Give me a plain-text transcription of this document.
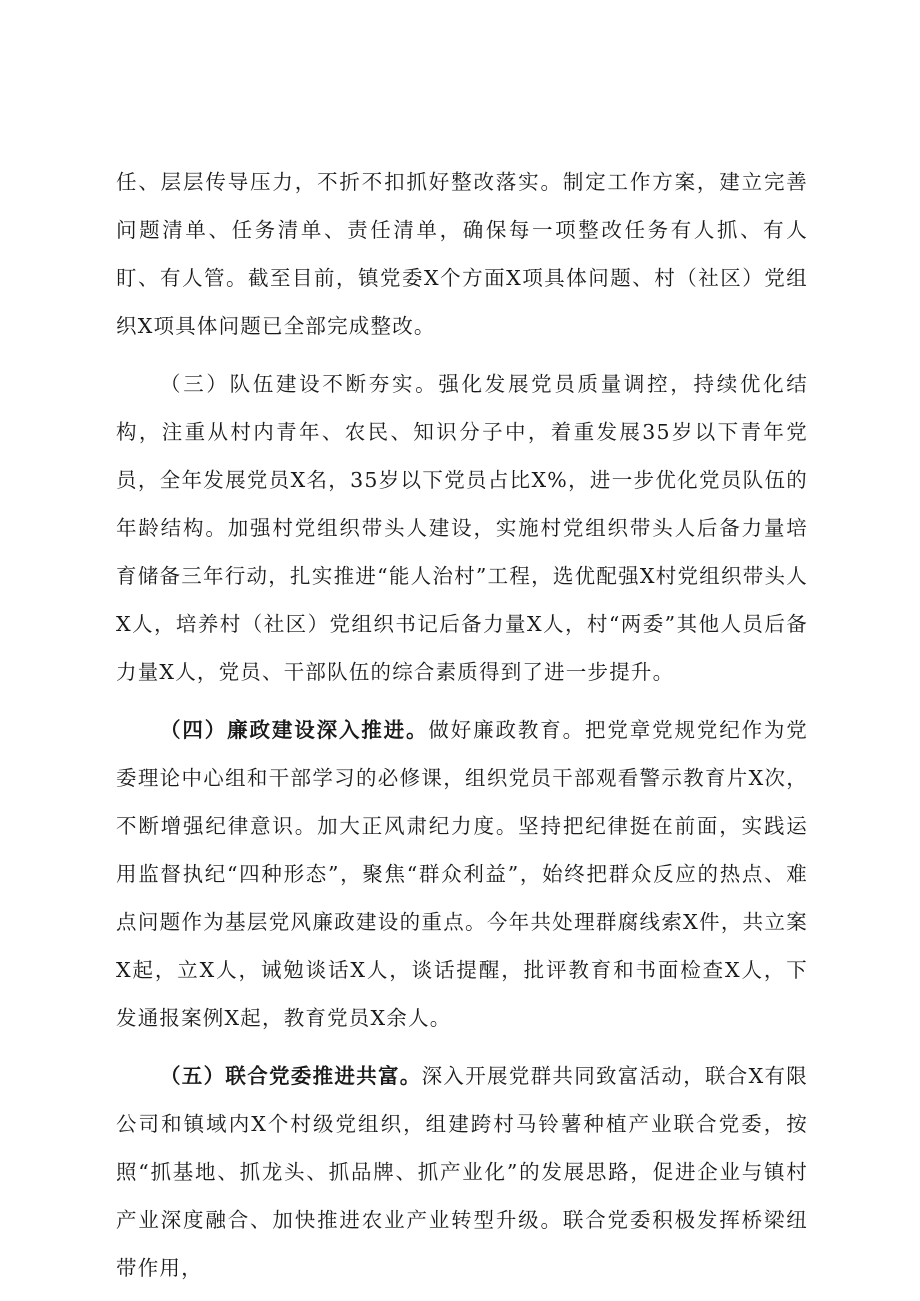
任、层层传导压力，不折不扣抓好整改落实。制定工作方案，建立完善问题清单、任务清单、责任清单，确保每一项整改任务有人抓、有人盯、有人管。截至目前，镇党委X个方面X项具体问题、村（社区）党组织X项具体问题已全部完成整改。

（三）队伍建设不断夯实。强化发展党员质量调控，持续优化结构，注重从村内青年、农民、知识分子中，着重发展35岁以下青年党员，全年发展党员X名，35岁以下党员占比X%，进一步优化党员队伍的年龄结构。加强村党组织带头人建设，实施村党组织带头人后备力量培育储备三年行动，扎实推进“能人治村”工程，选优配强X村党组织带头人X人，培养村（社区）党组织书记后备力量X人，村“两委”其他人员后备力量X人，党员、干部队伍的综合素质得到了进一步提升。

（四）廉政建设深入推进。做好廉政教育。把党章党规党纪作为党委理论中心组和干部学习的必修课，组织党员干部观看警示教育片X次，不断增强纪律意识。加大正风肃纪力度。坚持把纪律挺在前面，实践运用监督执纪“四种形态”，聚焦“群众利益”，始终把群众反应的热点、难点问题作为基层党风廉政建设的重点。今年共处理群腐线索X件，共立案X起，立X人，诫勉谈话X人，谈话提醒，批评教育和书面检查X人，下发通报案例X起，教育党员X余人。

（五）联合党委推进共富。深入开展党群共同致富活动，联合X有限公司和镇域内X个村级党组织，组建跨村马铃薯种植产业联合党委，按照“抓基地、抓龙头、抓品牌、抓产业化”的发展思路，促进企业与镇村产业深度融合、加快推进农业产业转型升级。联合党委积极发挥桥梁纽带作用，
